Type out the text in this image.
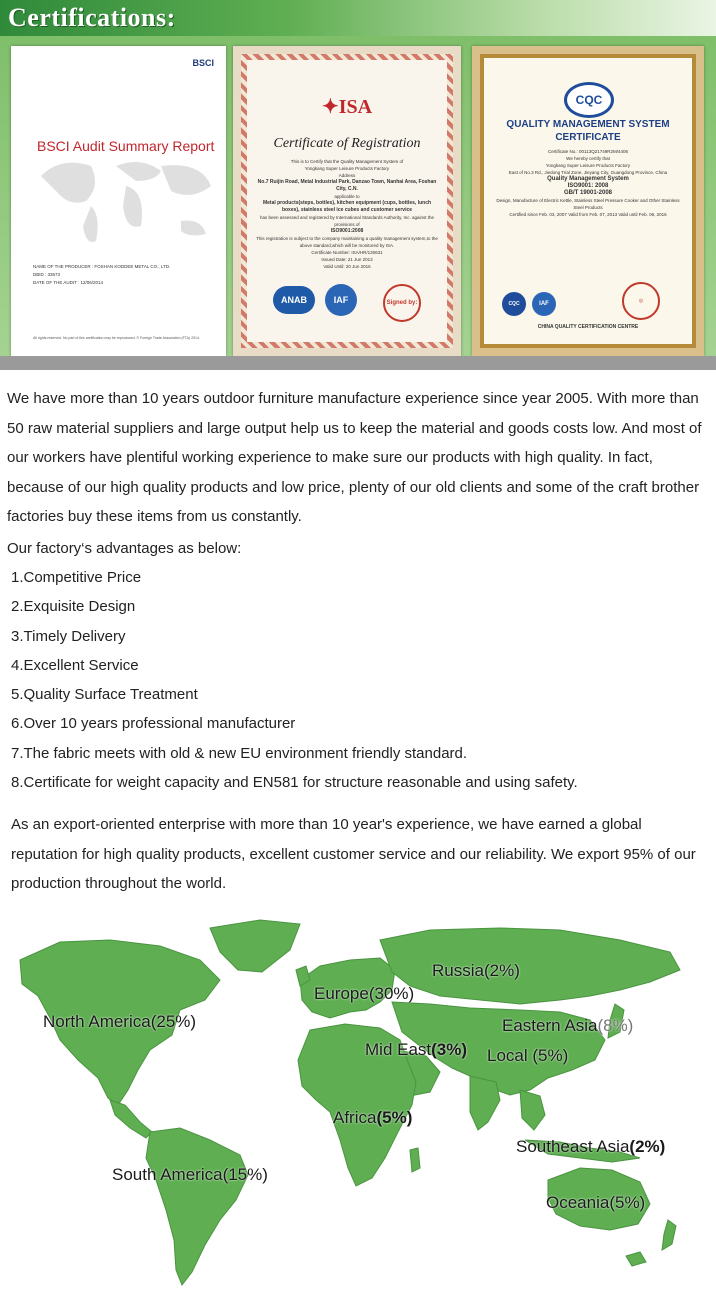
Certifications:
BSCI
BSCI Audit Summary Report
NAME OF THE PRODUCER : FOSHAN KODDEE METAL CO., LTD.
DBID : 33673
DATE OF THE AUDIT : 12/06/2014
All rights reserved. No part of this certification may be reproduced. © Foreign Trade Association (FTA) 2014.
✦ISA
Certificate of Registration
This is to Certify that the Quality Management System of
Yongkang Super Leisure Products Factory
Address
No.7 Ruijin Road, Metal Industrial Park, Danzao Town, Nanhai Area, Foshan City, C.N.
applicable to
Metal products(steps, bottles), kitchen equipment (cups, bottles, lunch boxes), stainless steel ice cubes and customer service
has been assessed and registered by International Standards Authority, Inc. against the provisions of
ISO9001:2008
This registration is subject to the company maintaining a quality management system,to the above standard,which will be monitored by ISA.
Certificate Number: ISA/HR/130631
Issued Date: 21 Jun 2013
Valid Until: 20 Jun 2016
ANAB	IAF	Signed by:
CQC
QUALITY MANAGEMENT SYSTEM
CERTIFICATE
Certificate No.: 00113Q21749R2M/4406
We hereby certify that
Yongkang Super Leisure Products Factory
East of No.3 Rd., Jiedong Trial Zone, Jieyang City, Guangdong Province, China
Quality Management System
ISO9001: 2008
GB/T 19001-2008
Design, Manufacture of Electric Kettle, Stainless Steel Pressure Cooker and Other Stainless Steel Products
Certified since Feb. 03, 2007 Valid from Feb. 07, 2013 Valid until Feb. 06, 2016
CQC	IAF	◎
CHINA QUALITY CERTIFICATION CENTRE
We have more than 10 years outdoor furniture manufacture experience since year 2005. With more than 50 raw material suppliers and large output help us to keep the material and goods costs low. And most of our workers have plentiful working experience to make sure our products with high quality. In fact, because of our high quality products and low price, plenty of our old clients and some of the craft brother factories buy these items from us constantly.
Our factory‘s advantages as below:
1.Competitive Price
2.Exquisite Design
3.Timely Delivery
4.Excellent Service
5.Quality Surface Treatment
6.Over 10 years professional manufacturer
7.The fabric meets with old & new EU environment friendly standard.
8.Certificate for weight capacity and EN581 for structure reasonable and using safety.
As an export-oriented enterprise with more than 10 year's experience, we have earned a global reputation for high quality products, excellent customer service and our reliability. We export 95% of our production throughout the world.
North America(25%)
South America(15%)
Europe(30%)
Russia(2%)
Mid East(3%)
Africa(5%)
Eastern Asia(8%)
Local (5%)
Southeast Asia(2%)
Oceania(5%)
